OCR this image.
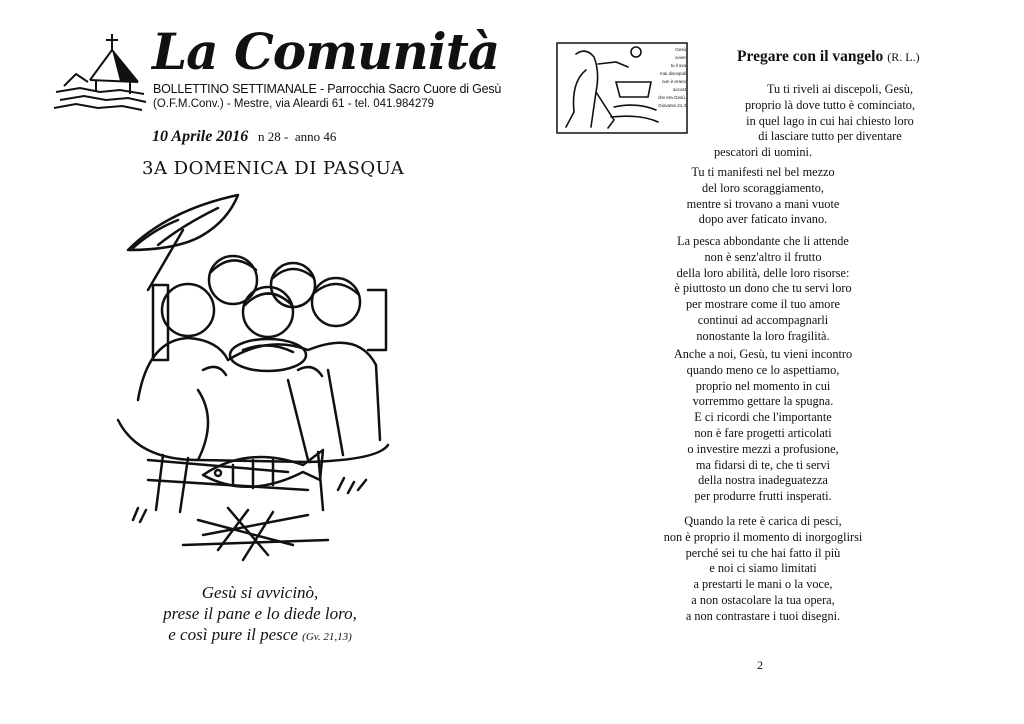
La Comunità
BOLLETTINO SETTIMANALE - Parrocchia Sacro Cuore di Gesù
(O.F.M.Conv.) - Mestre, via Aleardi 61 - tel. 041.984279
10 Aprile 2016 n 28 - anno 46
3A DOMENICA DI PASQUA
Gesù si avvicinò,
prese il pane e lo diede loro,
e così pure il pesce (Gv. 21,13)
Gesù
ovver
tu li sva
mai discepoli
non è erano
accost
che era Gesù.
Giovanni 21,4
Pregare con il vangelo (R. L.)
Tu ti riveli ai discepoli, Gesù,
proprio là dove tutto è cominciato,
in quel lago in cui hai chiesto loro
di lasciare tutto per diventare
pescatori di uomini.
Tu ti manifesti nel bel mezzo
del loro scoraggiamento,
mentre si trovano a mani vuote
dopo aver faticato invano.
La pesca abbondante che li attende
non è senz'altro il frutto
della loro abilità, delle loro risorse:
è piuttosto un dono che tu servi loro
per mostrare come il tuo amore
continui ad accompagnarli
nonostante la loro fragilità.
Anche a noi, Gesù, tu vieni incontro
quando meno ce lo aspettiamo,
proprio nel momento in cui
vorremmo gettare la spugna.
E ci ricordi che l'importante
non è fare progetti articolati
o investire mezzi a profusione,
ma fidarsi di te, che ti servi
della nostra inadeguatezza
per produrre frutti insperati.
Quando la rete è carica di pesci,
non è proprio il momento di inorgoglirsi
perché sei tu che hai fatto il più
e noi ci siamo limitati
a prestarti le mani o la voce,
a non ostacolare la tua opera,
a non contrastare i tuoi disegni.
2
